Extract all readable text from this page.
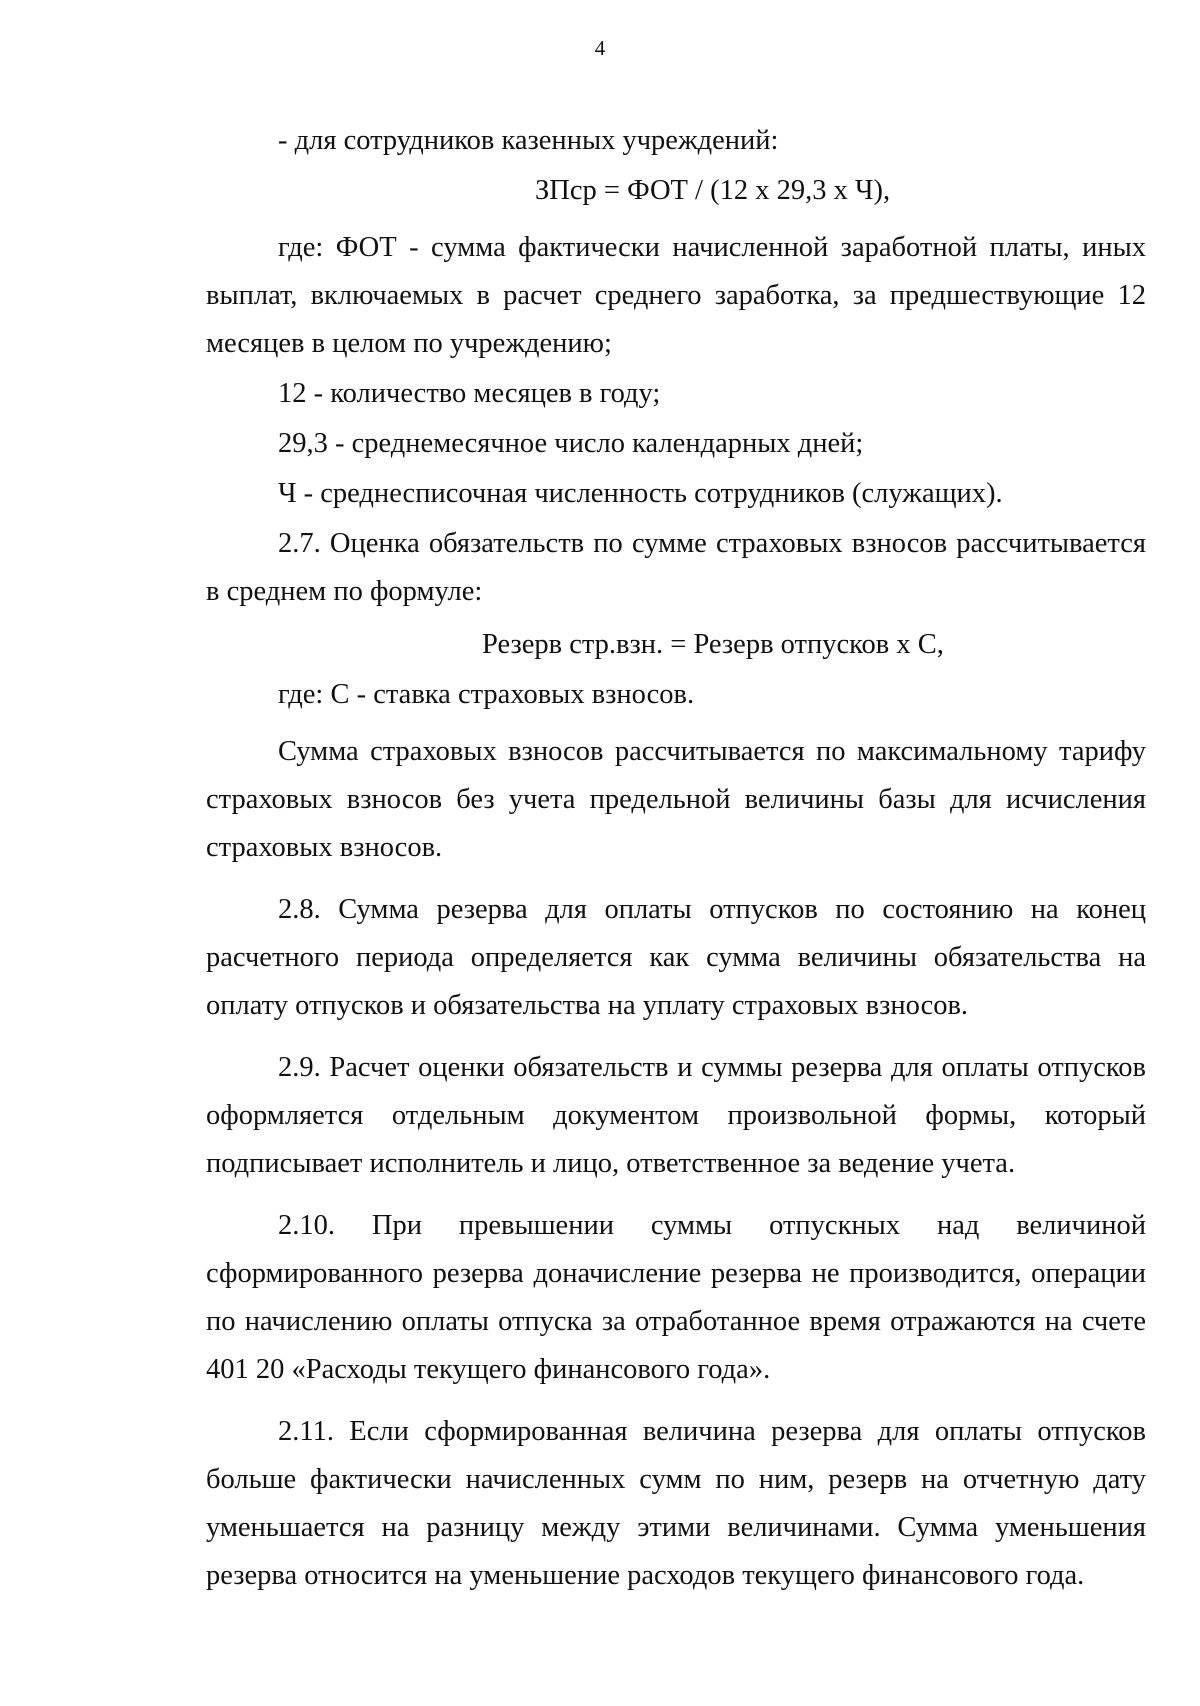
4

- для сотрудников казенных учреждений:

ЗПср = ФОТ / (12 х 29,3 х Ч),

где: ФОТ - сумма фактически начисленной заработной платы, иных выплат, включаемых в расчет среднего заработка, за предшествующие 12 месяцев в целом по учреждению;

12 - количество месяцев в году;

29,3 - среднемесячное число календарных дней;

Ч - среднесписочная численность сотрудников (служащих).

2.7. Оценка обязательств по сумме страховых взносов рассчитывается в среднем по формуле:

Резерв стр.взн. = Резерв отпусков х С,

где: С - ставка страховых взносов.

Сумма страховых взносов рассчитывается по максимальному тарифу страховых взносов без учета предельной величины базы для исчисления страховых взносов.

2.8. Сумма резерва для оплаты отпусков по состоянию на конец расчетного периода определяется как сумма величины обязательства на оплату отпусков и обязательства на уплату страховых взносов.

2.9. Расчет оценки обязательств и суммы резерва для оплаты отпусков оформляется отдельным документом произвольной формы, который подписывает исполнитель и лицо, ответственное за ведение учета.

2.10. При превышении суммы отпускных над величиной сформированного резерва доначисление резерва не производится, операции по начислению оплаты отпуска за отработанное время отражаются на счете 401 20 «Расходы текущего финансового года».

2.11. Если сформированная величина резерва для оплаты отпусков больше фактически начисленных сумм по ним, резерв на отчетную дату уменьшается на разницу между этими величинами. Сумма уменьшения резерва относится на уменьшение расходов текущего финансового года.
